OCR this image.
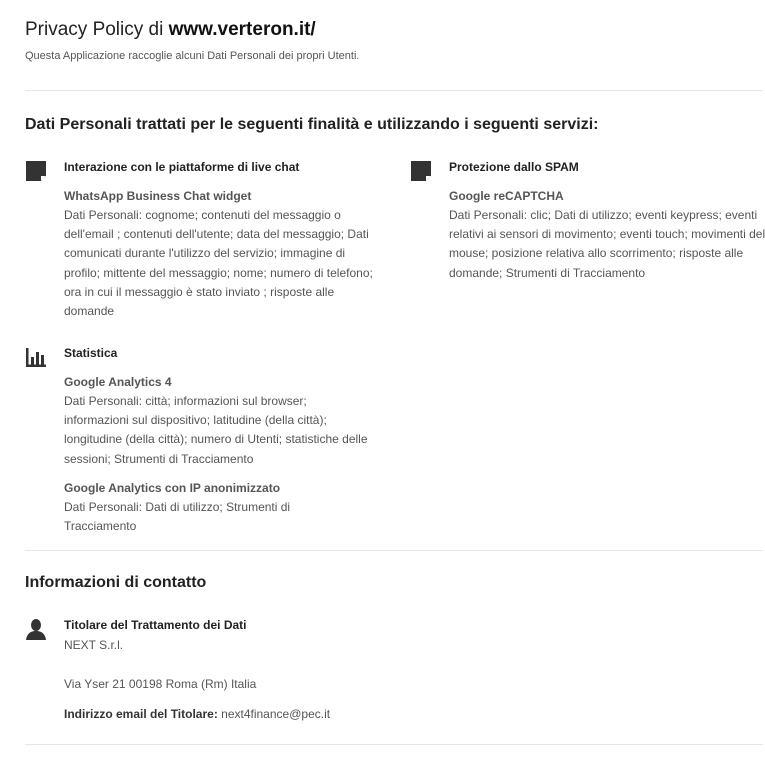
Privacy Policy di www.verteron.it/
Questa Applicazione raccoglie alcuni Dati Personali dei propri Utenti.
Dati Personali trattati per le seguenti finalità e utilizzando i seguenti servizi:
Interazione con le piattaforme di live chat
WhatsApp Business Chat widget
Dati Personali: cognome; contenuti del messaggio o dell'email ; contenuti dell'utente; data del messaggio; Dati comunicati durante l'utilizzo del servizio; immagine di profilo; mittente del messaggio; nome; numero di telefono; ora in cui il messaggio è stato inviato ; risposte alle domande
Protezione dallo SPAM
Google reCAPTCHA
Dati Personali: clic; Dati di utilizzo; eventi keypress; eventi relativi ai sensori di movimento; eventi touch; movimenti del mouse; posizione relativa allo scorrimento; risposte alle domande; Strumenti di Tracciamento
Statistica
Google Analytics 4
Dati Personali: città; informazioni sul browser; informazioni sul dispositivo; latitudine (della città); longitudine (della città); numero di Utenti; statistiche delle sessioni; Strumenti di Tracciamento
Google Analytics con IP anonimizzato
Dati Personali: Dati di utilizzo; Strumenti di Tracciamento
Informazioni di contatto
Titolare del Trattamento dei Dati
NEXT S.r.l.
Via Yser 21 00198 Roma (Rm) Italia
Indirizzo email del Titolare: next4finance@pec.it
